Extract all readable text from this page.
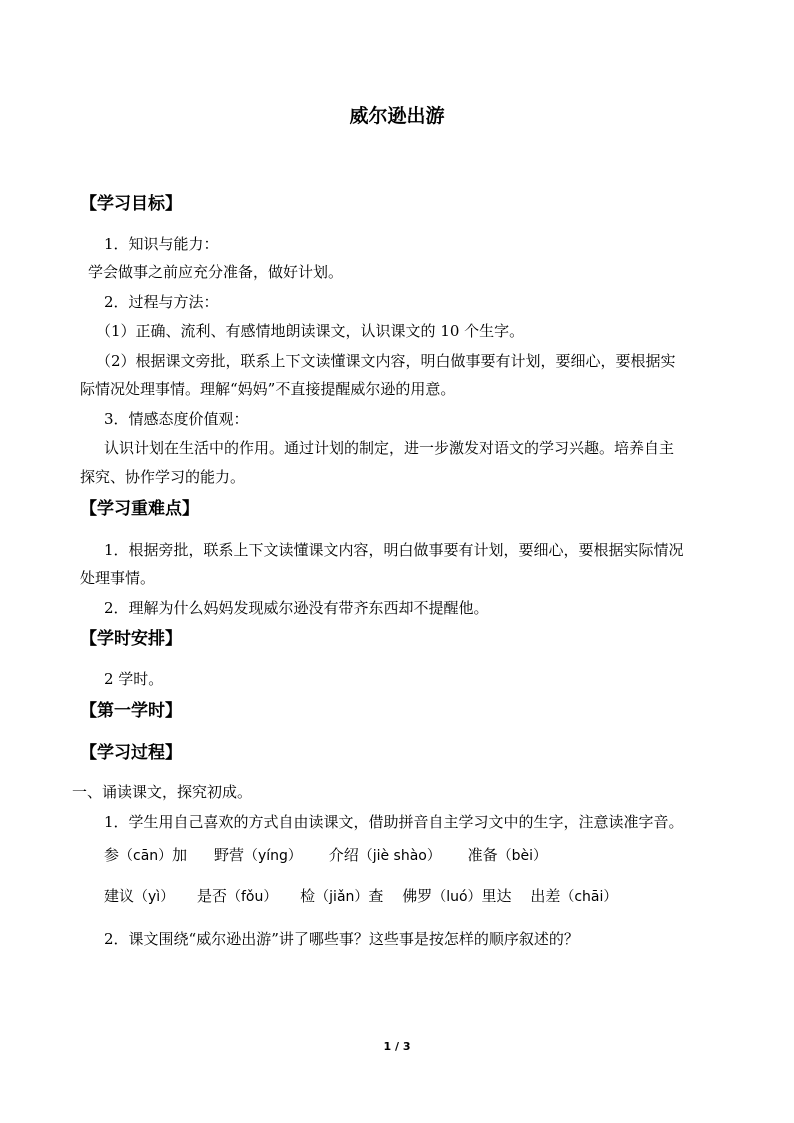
威尔逊出游
【学习目标】
1．知识与能力：
学会做事之前应充分准备，做好计划。
2．过程与方法：
（1）正确、流利、有感情地朗读课文，认识课文的 10 个生字。
（2）根据课文旁批，联系上下文读懂课文内容，明白做事要有计划，要细心，要根据实
际情况处理事情。理解“妈妈”不直接提醒威尔逊的用意。
3．情感态度价值观：
认识计划在生活中的作用。通过计划的制定，进一步激发对语文的学习兴趣。培养自主
探究、协作学习的能力。
【学习重难点】
1．根据旁批，联系上下文读懂课文内容，明白做事要有计划，要细心，要根据实际情况
处理事情。
2．理解为什么妈妈发现威尔逊没有带齐东西却不提醒他。
【学时安排】
2 学时。
【第一学时】
【学习过程】
一、诵读课文，探究初成。
1．学生用自己喜欢的方式自由读课文，借助拼音自主学习文中的生字，注意读准字音。
参（cān）加 野营（yíng） 介绍（jiè shào） 准备（bèi）
建议（yì） 是否（fǒu） 检（jiǎn）查 佛罗（luó）里达 出差（chāi）
2．课文围绕“威尔逊出游”讲了哪些事？这些事是按怎样的顺序叙述的？
1 / 3
